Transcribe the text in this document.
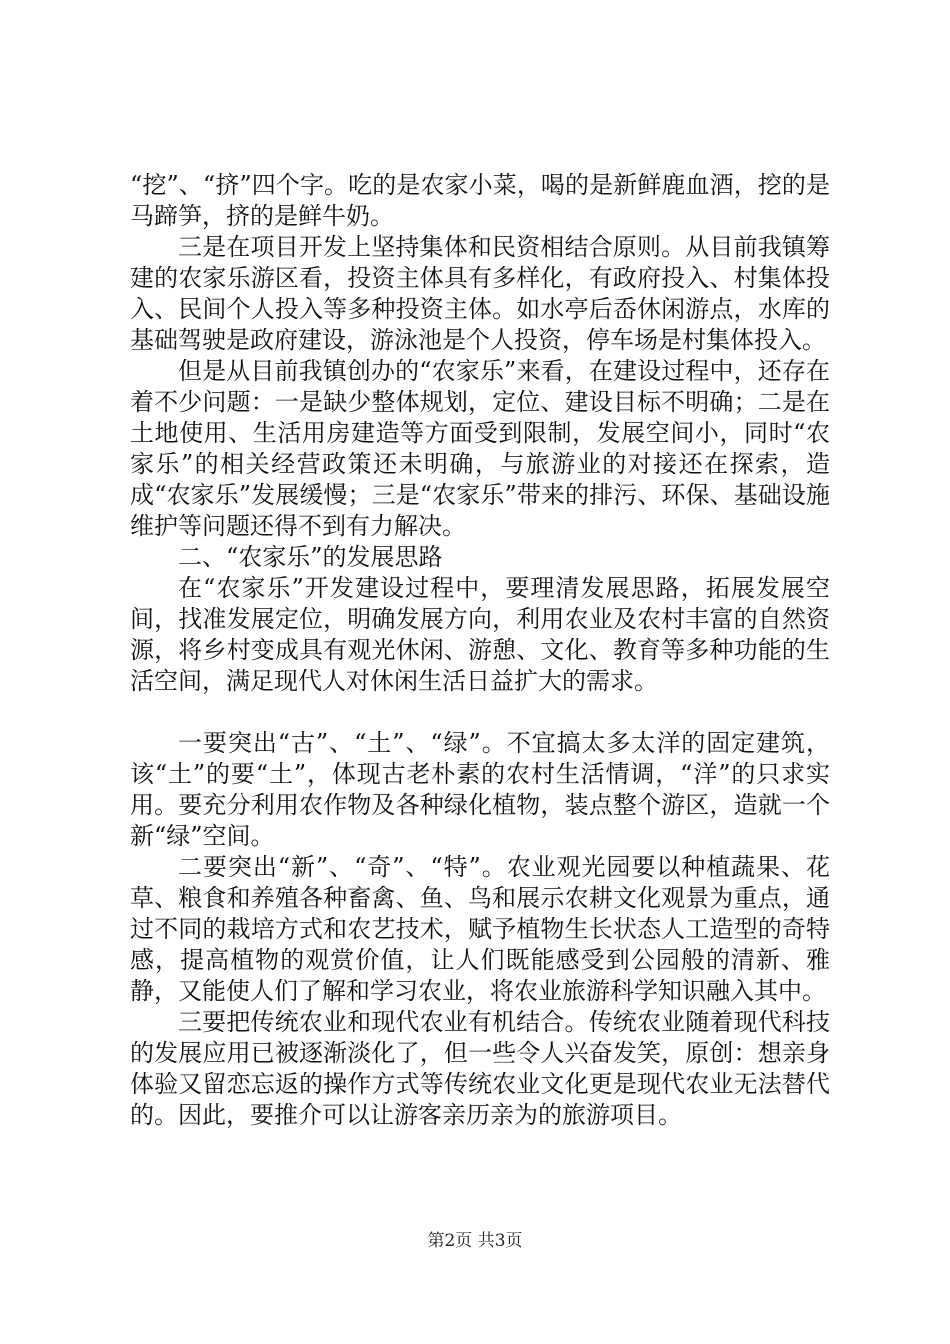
“挖”、“挤”四个字。吃的是农家小菜，喝的是新鲜鹿血酒，挖的是马蹄笋，挤的是鲜牛奶。

三是在项目开发上坚持集体和民资相结合原则。从目前我镇筹建的农家乐游区看，投资主体具有多样化，有政府投入、村集体投入、民间个人投入等多种投资主体。如水亭后岙休闲游点，水库的基础驾驶是政府建设，游泳池是个人投资，停车场是村集体投入。

但是从目前我镇创办的“农家乐”来看，在建设过程中，还存在着不少问题：一是缺少整体规划，定位、建设目标不明确；二是在土地使用、生活用房建造等方面受到限制，发展空间小，同时“农家乐”的相关经营政策还未明确，与旅游业的对接还在探索，造成“农家乐”发展缓慢；三是“农家乐”带来的排污、环保、基础设施维护等问题还得不到有力解决。

二、“农家乐”的发展思路

在“农家乐”开发建设过程中，要理清发展思路，拓展发展空间，找准发展定位，明确发展方向，利用农业及农村丰富的自然资源，将乡村变成具有观光休闲、游憩、文化、教育等多种功能的生活空间，满足现代人对休闲生活日益扩大的需求。

一要突出“古”、“土”、“绿”。不宜搞太多太洋的固定建筑，该“土”的要“土”，体现古老朴素的农村生活情调，“洋”的只求实用。要充分利用农作物及各种绿化植物，装点整个游区，造就一个新“绿”空间。

二要突出“新”、“奇”、“特”。农业观光园要以种植蔬果、花草、粮食和养殖各种畜禽、鱼、鸟和展示农耕文化观景为重点，通过不同的栽培方式和农艺技术，赋予植物生长状态人工造型的奇特感，提高植物的观赏价值，让人们既能感受到公园般的清新、雅静，又能使人们了解和学习农业，将农业旅游科学知识融入其中。

三要把传统农业和现代农业有机结合。传统农业随着现代科技的发展应用已被逐渐淡化了，但一些令人兴奋发笑，原创：想亲身体验又留恋忘返的操作方式等传统农业文化更是现代农业无法替代的。因此，要推介可以让游客亲历亲为的旅游项目。

第2页 共3页
